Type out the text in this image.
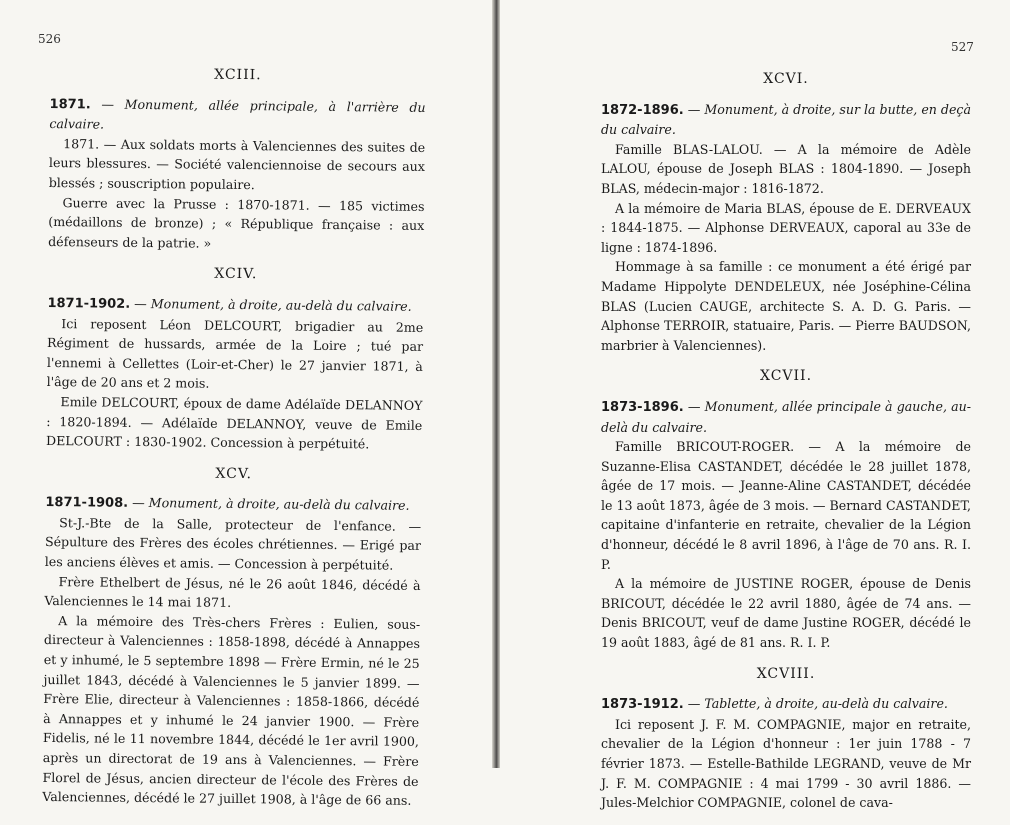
526
XCIII.

1871. — Monument, allée principale, à l'arrière du calvaire.

1871. — Aux soldats morts à Valenciennes des suites de leurs blessures. — Société valenciennoise de secours aux blessés ; souscription populaire.

Guerre avec la Prusse : 1870-1871. — 185 victimes (médaillons de bronze) ; « République française : aux défenseurs de la patrie. »

XCIV.

1871-1902. — Monument, à droite, au-delà du calvaire.

Ici reposent Léon DELCOURT, brigadier au 2me Régiment de hussards, armée de la Loire ; tué par l'ennemi à Cellettes (Loir-et-Cher) le 27 janvier 1871, à l'âge de 20 ans et 2 mois.

Emile DELCOURT, époux de dame Adélaïde DELANNOY : 1820-1894. — Adélaïde DELANNOY, veuve de Emile DELCOURT : 1830-1902. Concession à perpétuité.

XCV.

1871-1908. — Monument, à droite, au-delà du calvaire.

St-J.-Bte de la Salle, protecteur de l'enfance. — Sépulture des Frères des écoles chrétiennes. — Erigé par les anciens élèves et amis. — Concession à perpétuité.

Frère Ethelbert de Jésus, né le 26 août 1846, décédé à Valenciennes le 14 mai 1871.

A la mémoire des Très-chers Frères : Eulien, sous-directeur à Valenciennes : 1858-1898, décédé à Annappes et y inhumé, le 5 septembre 1898 — Frère Ermin, né le 25 juillet 1843, décédé à Valenciennes le 5 janvier 1899. — Frère Elie, directeur à Valenciennes : 1858-1866, décédé à Annappes et y inhumé le 24 janvier 1900. — Frère Fidelis, né le 11 novembre 1844, décédé le 1er avril 1900, après un directorat de 19 ans à Valenciennes. — Frère Florel de Jésus, ancien directeur de l'école des Frères de Valenciennes, décédé le 27 juillet 1908, à l'âge de 66 ans.

527
XCVI.

1872-1896. — Monument, à droite, sur la butte, en deçà du calvaire.

Famille BLAS-LALOU. — A la mémoire de Adèle LALOU, épouse de Joseph BLAS : 1804-1890. — Joseph BLAS, médecin-major : 1816-1872.

A la mémoire de Maria BLAS, épouse de E. DERVEAUX : 1844-1875. — Alphonse DERVEAUX, caporal au 33e de ligne : 1874-1896.

Hommage à sa famille : ce monument a été érigé par Madame Hippolyte DENDELEUX, née Joséphine-Célina BLAS (Lucien CAUGE, architecte S. A. D. G. Paris. — Alphonse TERROIR, statuaire, Paris. — Pierre BAUDSON, marbrier à Valenciennes).

XCVII.

1873-1896. — Monument, allée principale à gauche, au-delà du calvaire.

Famille BRICOUT-ROGER. — A la mémoire de Suzanne-Elisa CASTANDET, décédée le 28 juillet 1878, âgée de 17 mois. — Jeanne-Aline CASTANDET, décédée le 13 août 1873, âgée de 3 mois. — Bernard CASTANDET, capitaine d'infanterie en retraite, chevalier de la Légion d'honneur, décédé le 8 avril 1896, à l'âge de 70 ans. R. I. P.

A la mémoire de JUSTINE ROGER, épouse de Denis BRICOUT, décédée le 22 avril 1880, âgée de 74 ans. — Denis BRICOUT, veuf de dame Justine ROGER, décédé le 19 août 1883, âgé de 81 ans. R. I. P.

XCVIII.

1873-1912. — Tablette, à droite, au-delà du calvaire.

Ici reposent J. F. M. COMPAGNIE, major en retraite, chevalier de la Légion d'honneur : 1er juin 1788 - 7 février 1873. — Estelle-Bathilde LEGRAND, veuve de Mr J. F. M. COMPAGNIE : 4 mai 1799 - 30 avril 1886. — Jules-Melchior COMPAGNIE, colonel de cava-
